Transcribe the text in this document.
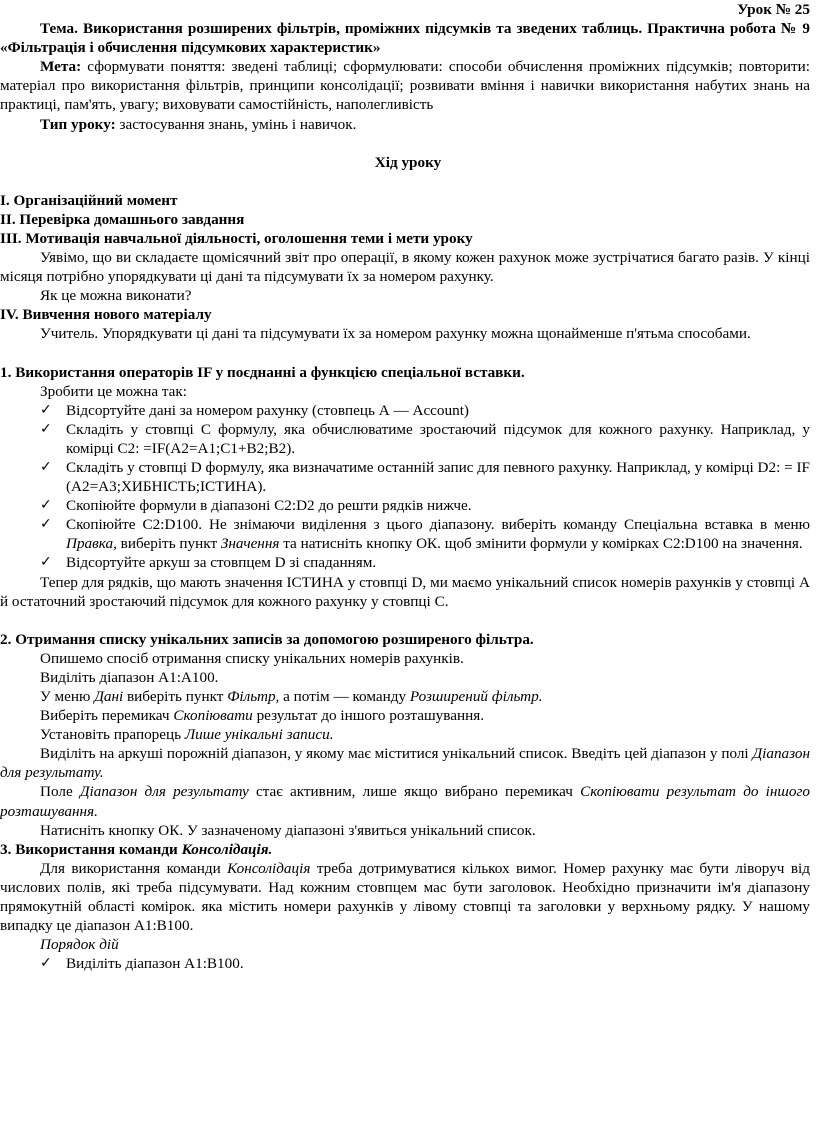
Урок № 25

Тема. Використання розширених фільтрів, проміжних підсумків та зведених таблиць. Практична робота № 9 «Фільтрація і обчислення підсумкових характеристик»

Мета: сформувати поняття: зведені таблиці; сформулювати: способи обчислення проміжних підсумків; повторити: матеріал про використання фільтрів, принципи консолідації; розвивати вміння і навички використання набутих знань на практиці, пам'ять, увагу; виховувати самостійність, наполегливість

Тип уроку: застосування знань, умінь і навичок.

Хід уроку

I. Організаційний момент

II. Перевірка домашнього завдання

III. Мотивація навчальної діяльності, оголошення теми і мети уроку

Уявімо, що ви складаєте щомісячний звіт про операції, в якому кожен рахунок може зустрічатися багато разів. У кінці місяця потрібно упорядкувати ці дані та підсумувати їх за номером рахунку.

Як це можна виконати?

IV. Вивчення нового матеріалу

Учитель. Упорядкувати ці дані та підсумувати їх за номером рахунку можна щонайменше п'ятьма способами.

1. Використання операторів IF у поєднанні а функцією спеціальної вставки.

Зробити це можна так:

✓ Відсортуйте дані за номером рахунку (стовпець А — Account)
✓ Складіть у стовпці C формулу, яка обчислюватиме зростаючий підсумок для кожного рахунку. Наприклад, у комірці C2: =IF(A2=A1;C1+B2;B2).
✓ Складіть у стовпці D формулу, яка визначатиме останній запис для певного рахунку. Наприклад, у комірці D2: = IF (A2=A3;ХИБНІСТЬ;ІСТИНА).
✓ Скопіюйте формули в діапазоні C2:D2 до решти рядків нижче.
✓ Скопіюйте C2:D100. Не знімаючи виділення з цього діапазону. виберіть команду Спеціальна вставка в меню Правка, виберіть пункт Значення та натисніть кнопку ОК. щоб змінити формули у комірках C2:D100 на значення.
✓ Відсортуйте аркуш за стовпцем D зі спаданням.

Тепер для рядків, що мають значення ІСТИНА у стовпці D, ми маємо унікальний список номерів рахунків у стовпці А й остаточний зростаючий підсумок для кожного рахунку у стовпці C.

2. Отримання списку унікальних записів за допомогою розширеного фільтра.

Опишемо спосіб отримання списку унікальних номерів рахунків.

Виділіть діапазон А1:А100.

У меню Дані виберіть пункт Фільтр, а потім — команду Розширений фільтр.

Виберіть перемикач Скопіювати результат до іншого розташування.

Установіть прапорець Лише унікальні записи.

Виділіть на аркуші порожній діапазон, у якому має міститися унікальний список. Введіть цей діапазон у полі Діапазон для результату.

Поле Діапазон для результату стає активним, лише якщо вибрано перемикач Скопіювати результат до іншого розташування.

Натисніть кнопку ОК. У зазначеному діапазоні з'явиться унікальний список.

3. Використання команди Консолідація.

Для використання команди Консолідація треба дотримуватися кількох вимог. Номер рахунку має бути ліворуч від числових полів, які треба підсумувати. Над кожним стовпцем мас бути заголовок. Необхідно призначити ім'я діапазону прямокутній області комірок. яка містить номери рахунків у лівому стовпці та заголовки у верхньому рядку. У нашому випадку це діапазон A1:B100.

Порядок дій

✓ Виділіть діапазон A1:B100.
